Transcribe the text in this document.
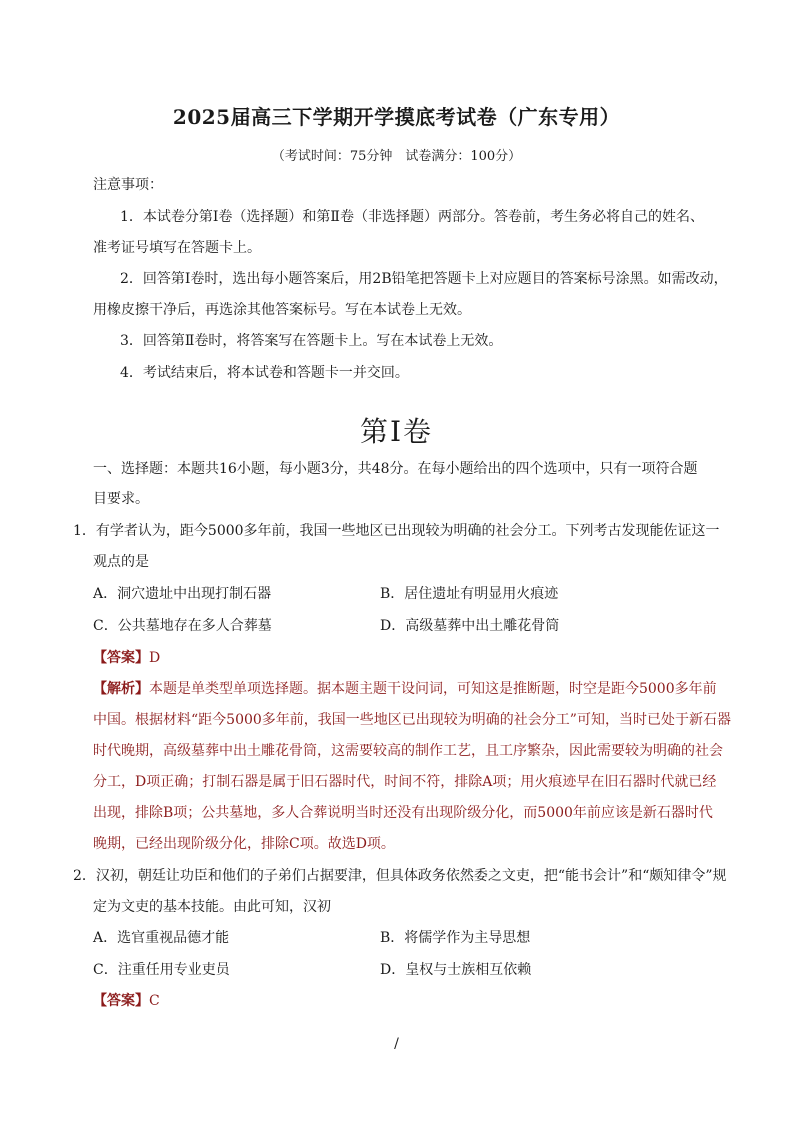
2025届高三下学期开学摸底考试卷（广东专用）
（考试时间：75分钟　试卷满分：100分）
注意事项：
1．本试卷分第Ⅰ卷（选择题）和第Ⅱ卷（非选择题）两部分。答卷前，考生务必将自己的姓名、
准考证号填写在答题卡上。
2．回答第Ⅰ卷时，选出每小题答案后，用2B铅笔把答题卡上对应题目的答案标号涂黑。如需改动，
用橡皮擦干净后，再选涂其他答案标号。写在本试卷上无效。
3．回答第Ⅱ卷时，将答案写在答题卡上。写在本试卷上无效。
4．考试结束后，将本试卷和答题卡一并交回。
第Ⅰ卷
一、选择题：本题共16小题，每小题3分，共48分。在每小题给出的四个选项中，只有一项符合题
目要求。
1．有学者认为，距今5000多年前，我国一些地区已出现较为明确的社会分工。下列考古发现能佐证这一
观点的是
A．洞穴遗址中出现打制石器	B．居住遗址有明显用火痕迹
C．公共墓地存在多人合葬墓	D．高级墓葬中出土雕花骨筒
【答案】D
【解析】本题是单类型单项选择题。据本题主题干设问词，可知这是推断题，时空是距今5000多年前
中国。根据材料“距今5000多年前，我国一些地区已出现较为明确的社会分工”可知，当时已处于新石器
时代晚期，高级墓葬中出土雕花骨筒，这需要较高的制作工艺，且工序繁杂，因此需要较为明确的社会
分工，D项正确；打制石器是属于旧石器时代，时间不符，排除A项；用火痕迹早在旧石器时代就已经
出现，排除B项；公共墓地，多人合葬说明当时还没有出现阶级分化，而5000年前应该是新石器时代
晚期，已经出现阶级分化，排除C项。故选D项。
2．汉初，朝廷让功臣和他们的子弟们占据要津，但具体政务依然委之文吏，把“能书会计”和“颇知律令”规
定为文吏的基本技能。由此可知，汉初
A．选官重视品德才能	B．将儒学作为主导思想
C．注重任用专业吏员	D．皇权与士族相互依赖
【答案】C
/
